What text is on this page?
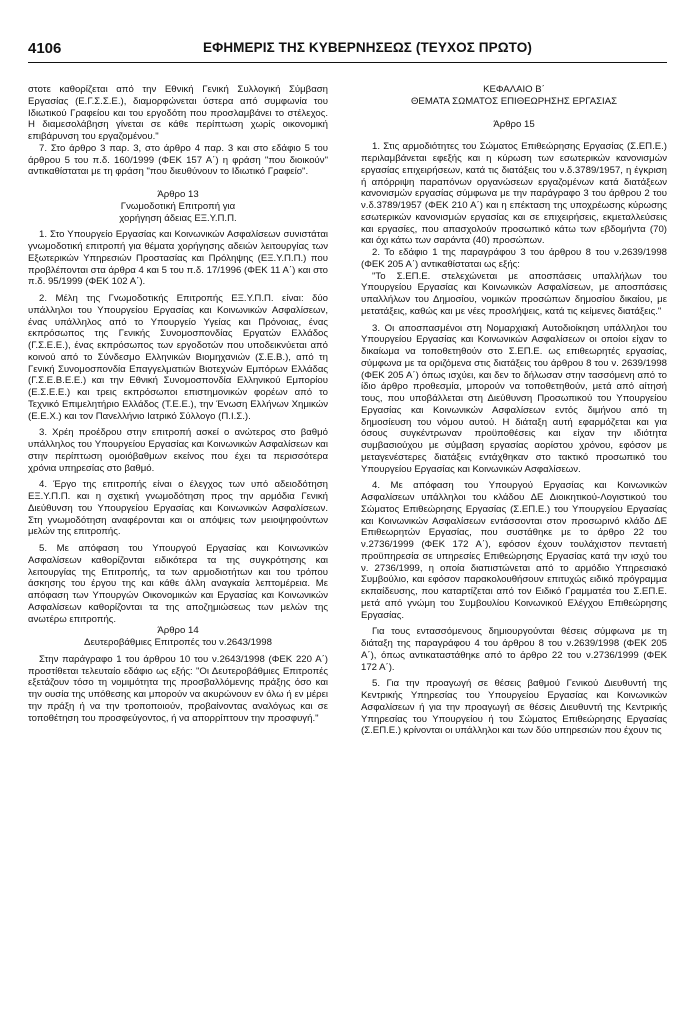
4106	ΕΦΗΜΕΡΙΣ ΤΗΣ ΚΥΒΕΡΝΗΣΕΩΣ (ΤΕΥΧΟΣ ΠΡΩΤΟ)

στοτε καθορίζεται από την Εθνική Γενική Συλλογική Σύμβαση Εργασίας (Ε.Γ.Σ.Σ.Ε.), διαμορφώνεται ύστερα από συμφωνία του Ιδιωτικού Γραφείου και του εργοδότη που προσλαμβάνει το στέλεχος. Η διαμεσολάβηση γίνεται σε κάθε περίπτωση χωρίς οικονομική επιβάρυνση του εργαζομένου."

7. Στο άρθρο 3 παρ. 3, στο άρθρο 4 παρ. 3 και στο εδάφιο 5 του άρθρου 5 του π.δ. 160/1999 (ΦΕΚ 157 Α΄) η φράση "που διοικούν" αντικαθίσταται με τη φράση "που διευθύνουν το Ιδιωτικό Γραφείο".

Άρθρο 13

Γνωμοδοτική Επιτροπή για

χορήγηση άδειας ΕΞ.Υ.Π.Π.

1. Στο Υπουργείο Εργασίας και Κοινωνικών Ασφαλίσεων συνιστάται γνωμοδοτική επιτροπή για θέματα χορήγησης αδειών λειτουργίας των Εξωτερικών Υπηρεσιών Προστασίας και Πρόληψης (ΕΞ.Υ.Π.Π.) που προβλέπονται στα άρθρα 4 και 5 του π.δ. 17/1996 (ΦΕΚ 11 Α΄) και στο π.δ. 95/1999 (ΦΕΚ 102 Α΄).

2. Μέλη της Γνωμοδοτικής Επιτροπής ΕΞ.Υ.Π.Π. είναι: δύο υπάλληλοι του Υπουργείου Εργασίας και Κοινωνικών Ασφαλίσεων, ένας υπάλληλος από το Υπουργείο Υγείας και Πρόνοιας, ένας εκπρόσωπος της Γενικής Συνομοσπονδίας Εργατών Ελλάδος (Γ.Σ.Ε.Ε.), ένας εκπρόσωπος των εργοδοτών που υποδεικνύεται από κοινού από το Σύνδεσμο Ελληνικών Βιομηχανιών (Σ.Ε.Β.), από τη Γενική Συνομοσπονδία Επαγγελματιών Βιοτεχνών Εμπόρων Ελλάδας (Γ.Σ.Ε.Β.Ε.Ε.) και την Εθνική Συνομοσπονδία Ελληνικού Εμπορίου (Ε.Σ.Ε.Ε.) και τρεις εκπρόσωποι επιστημονικών φορέων από το Τεχνικό Επιμελητήριο Ελλάδος (Τ.Ε.Ε.), την Ένωση Ελλήνων Χημικών (Ε.Ε.Χ.) και τον Πανελλήνιο Ιατρικό Σύλλογο (Π.Ι.Σ.).

3. Χρέη προέδρου στην επιτροπή ασκεί ο ανώτερος στο βαθμό υπάλληλος του Υπουργείου Εργασίας και Κοινωνικών Ασφαλίσεων και στην περίπτωση ομοιόβαθμων εκείνος που έχει τα περισσότερα χρόνια υπηρεσίας στο βαθμό.

4. Έργο της επιτροπής είναι ο έλεγχος των υπό αδειοδότηση ΕΞ.Υ.Π.Π. και η σχετική γνωμοδότηση προς την αρμόδια Γενική Διεύθυνση του Υπουργείου Εργασίας και Κοινωνικών Ασφαλίσεων. Στη γνωμοδότηση αναφέρονται και οι απόψεις των μειοψηφούντων μελών της επιτροπής.

5. Με απόφαση του Υπουργού Εργασίας και Κοινωνικών Ασφαλίσεων καθορίζονται ειδικότερα τα της συγκρότησης και λειτουργίας της Επιτροπής, τα των αρμοδιοτήτων και του τρόπου άσκησης του έργου της και κάθε άλλη αναγκαία λεπτομέρεια. Με απόφαση των Υπουργών Οικονομικών και Εργασίας και Κοινωνικών Ασφαλίσεων καθορίζονται τα της αποζημιώσεως των μελών της ανωτέρω επιτροπής.

Άρθρο 14

Δευτεροβάθμιες Επιτροπές του ν.2643/1998

Στην παράγραφο 1 του άρθρου 10 του ν.2643/1998 (ΦΕΚ 220 Α΄) προστίθεται τελευταίο εδάφιο ως εξής: "Οι Δευτεροβάθμιες Επιτροπές εξετάζουν τόσο τη νομιμότητα της προσβαλλόμενης πράξης όσο και την ουσία της υπόθεσης και μπορούν να ακυρώνουν εν όλω ή εν μέρει την πράξη ή να την τροποποιούν, προβαίνοντας αναλόγως και σε τοποθέτηση του προσφεύγοντος, ή να απορρίπτουν την προσφυγή."

ΚΕΦΑΛΑΙΟ Β΄

ΘΕΜΑΤΑ ΣΩΜΑΤΟΣ ΕΠΙΘΕΩΡΗΣΗΣ ΕΡΓΑΣΙΑΣ

Άρθρο 15

1. Στις αρμοδιότητες του Σώματος Επιθεώρησης Εργασίας (Σ.ΕΠ.Ε.) περιλαμβάνεται εφεξής και η κύρωση των εσωτερικών κανονισμών εργασίας επιχειρήσεων, κατά τις διατάξεις του ν.δ.3789/1957, η έγκριση ή απόρριψη παραπόνων οργανώσεων εργαζομένων κατά διατάξεων κανονισμών εργασίας σύμφωνα με την παράγραφο 3 του άρθρου 2 του ν.δ.3789/1957 (ΦΕΚ 210 Α΄) και η επέκταση της υποχρέωσης κύρωσης εσωτερικών κανονισμών εργασίας και σε επιχειρήσεις, εκμεταλλεύσεις και εργασίες, που απασχολούν προσωπικό κάτω των εβδομήντα (70) και όχι κάτω των σαράντα (40) προσώπων.

2. Το εδάφιο 1 της παραγράφου 3 του άρθρου 8 του ν.2639/1998 (ΦΕΚ 205 Α΄) αντικαθίσταται ως εξής:

"Το Σ.ΕΠ.Ε. στελεχώνεται με αποσπάσεις υπαλλήλων του Υπουργείου Εργασίας και Κοινωνικών Ασφαλίσεων, με αποσπάσεις υπαλλήλων του Δημοσίου, νομικών προσώπων δημοσίου δικαίου, με μετατάξεις, καθώς και με νέες προσλήψεις, κατά τις κείμενες διατάξεις."

3. Οι αποσπασμένοι στη Νομαρχιακή Αυτοδιοίκηση υπάλληλοι του Υπουργείου Εργασίας και Κοινωνικών Ασφαλίσεων οι οποίοι είχαν το δικαίωμα να τοποθετηθούν στο Σ.ΕΠ.Ε. ως επιθεωρητές εργασίας, σύμφωνα με τα οριζόμενα στις διατάξεις του άρθρου 8 του ν. 2639/1998 (ΦΕΚ 205 Α΄) όπως ισχύει, και δεν το δήλωσαν στην τασσόμενη από το ίδιο άρθρο προθεσμία, μπορούν να τοποθετηθούν, μετά από αίτησή τους, που υποβάλλεται στη Διεύθυνση Προσωπικού του Υπουργείου Εργασίας και Κοινωνικών Ασφαλίσεων εντός διμήνου από τη δημοσίευση του νόμου αυτού. Η διάταξη αυτή εφαρμόζεται και για όσους συγκέντρωναν προϋποθέσεις και είχαν την ιδιότητα συμβασιούχου με σύμβαση εργασίας αορίστου χρόνου, εφόσον με μεταγενέστερες διατάξεις εντάχθηκαν στο τακτικό προσωπικό του Υπουργείου Εργασίας και Κοινωνικών Ασφαλίσεων.

4. Με απόφαση του Υπουργού Εργασίας και Κοινωνικών Ασφαλίσεων υπάλληλοι του κλάδου ΔΕ Διοικητικού-Λογιστικού του Σώματος Επιθεώρησης Εργασίας (Σ.ΕΠ.Ε.) του Υπουργείου Εργασίας και Κοινωνικών Ασφαλίσεων εντάσσονται στον προσωρινό κλάδο ΔΕ Επιθεωρητών Εργασίας, που συστάθηκε με το άρθρο 22 του ν.2736/1999 (ΦΕΚ 172 Α΄), εφόσον έχουν τουλάχιστον πενταετή προϋπηρεσία σε υπηρεσίες Επιθεώρησης Εργασίας κατά την ισχύ του ν. 2736/1999, η οποία διαπιστώνεται από το αρμόδιο Υπηρεσιακό Συμβούλιο, και εφόσον παρακολουθήσουν επιτυχώς ειδικό πρόγραμμα εκπαίδευσης, που καταρτίζεται από τον Ειδικό Γραμματέα του Σ.ΕΠ.Ε. μετά από γνώμη του Συμβουλίου Κοινωνικού Ελέγχου Επιθεώρησης Εργασίας.

Για τους εντασσόμενους δημιουργούνται θέσεις σύμφωνα με τη διάταξη της παραγράφου 4 του άρθρου 8 του ν.2639/1998 (ΦΕΚ 205 Α΄), όπως αντικαταστάθηκε από το άρθρο 22 του ν.2736/1999 (ΦΕΚ 172 Α΄).

5. Για την προαγωγή σε θέσεις βαθμού Γενικού Διευθυντή της Κεντρικής Υπηρεσίας του Υπουργείου Εργασίας και Κοινωνικών Ασφαλίσεων ή για την προαγωγή σε θέσεις Διευθυντή της Κεντρικής Υπηρεσίας του Υπουργείου ή του Σώματος Επιθεώρησης Εργασίας (Σ.ΕΠ.Ε.) κρίνονται οι υπάλληλοι και των δύο υπηρεσιών που έχουν τις
